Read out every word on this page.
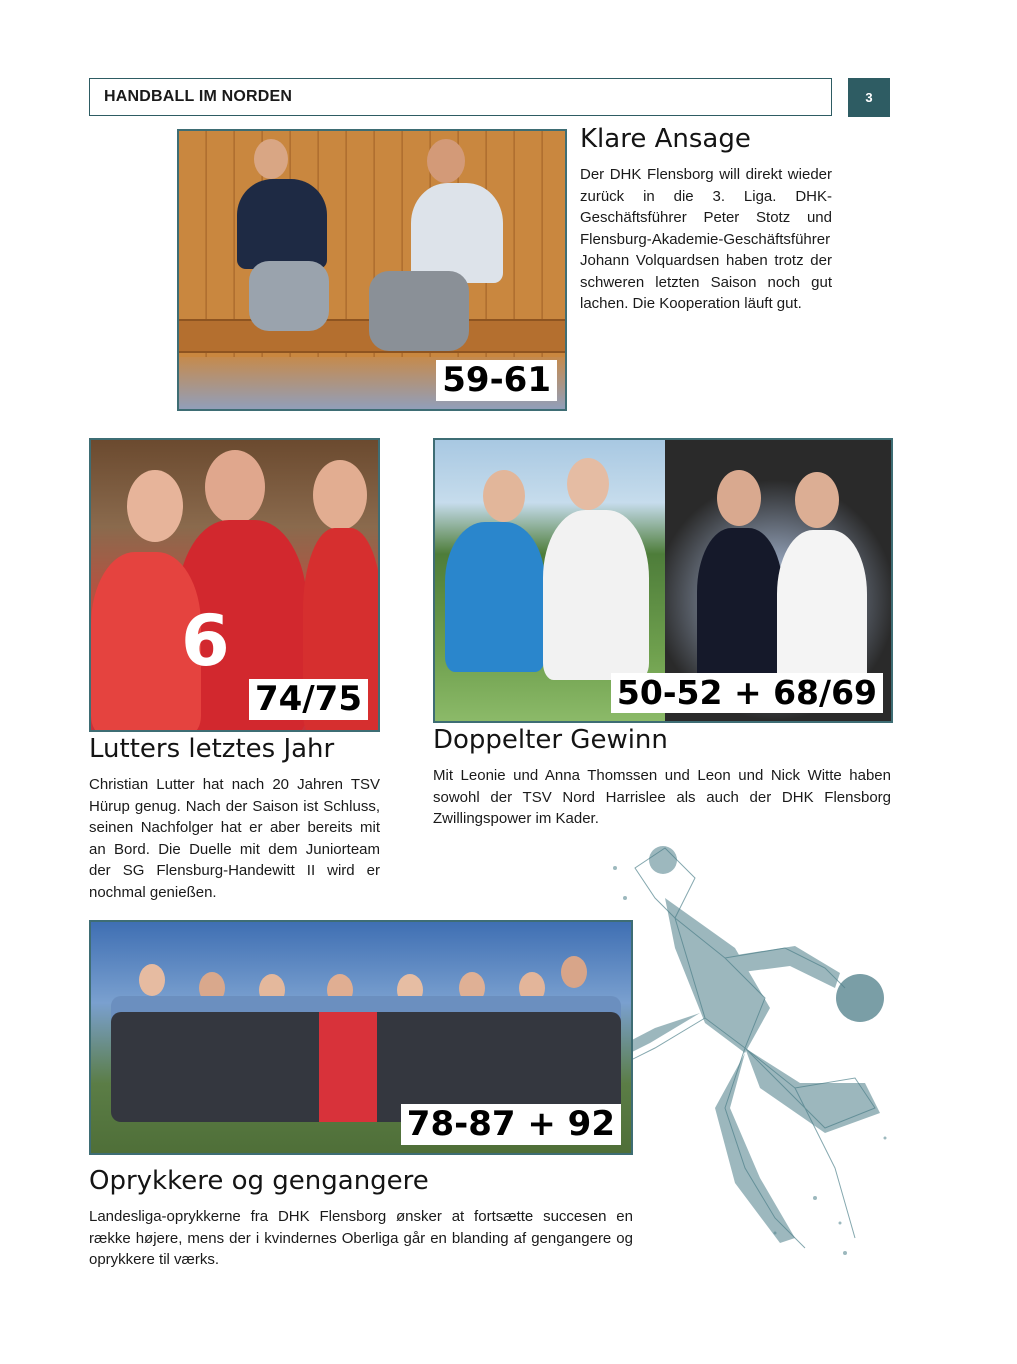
HANDBALL IM NORDEN	3
59-61
Klare Ansage
Der DHK Flensborg will direkt wieder zurück in die 3. Liga. DHK-Geschäftsführer Peter Stotz und Flensburg-Akademie-Geschäftsführer Johann Volquardsen haben trotz der schweren letzten Saison noch gut lachen. Die Kooperation läuft gut.
6
74/75
Lutters letztes Jahr
Christian Lutter hat nach 20 Jahren TSV Hürup genug. Nach der Saison ist Schluss, seinen Nachfolger hat er aber bereits mit an Bord. Die Duelle mit dem Juniorteam der SG Flensburg-Handewitt II wird er nochmal genießen.
50-52 + 68/69
Doppelter Gewinn
Mit Leonie und Anna Thomssen und Leon und Nick Witte haben sowohl der TSV Nord Harrislee als auch der DHK Flensborg Zwillingspower im Kader.
78-87 + 92
Oprykkere og gengangere
Landesliga-oprykkerne fra DHK Flensborg ønsker at fortsætte succesen en række højere, mens der i kvindernes Oberliga går en blanding af gengangere og oprykkere til værks.
